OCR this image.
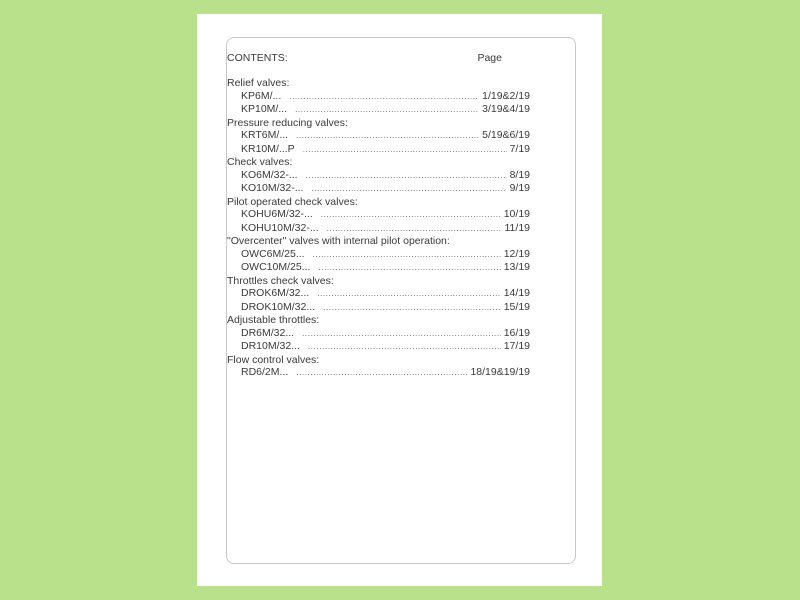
CONTENTS:	Page
Relief valves:
KP6M/... .....	1/19&2/19
KP10M/... .....	3/19&4/19
Pressure reducing valves:
KRT6M/... .....	5/19&6/19
KR10M/...P .....	7/19
Check valves:
KO6M/32-... .....	8/19
KO10M/32-... .....	9/19
Pilot operated check valves:
KOHU6M/32-... .....	10/19
KOHU10M/32-... .....	11/19
"Overcenter" valves with internal pilot operation:
OWC6M/25... .....	12/19
OWC10M/25... .....	13/19
Throttles check valves:
DROK6M/32... .....	14/19
DROK10M/32... .....	15/19
Adjustable throttles:
DR6M/32... .....	16/19
DR10M/32... .....	17/19
Flow control valves:
RD6/2M... .....	18/19&19/19
